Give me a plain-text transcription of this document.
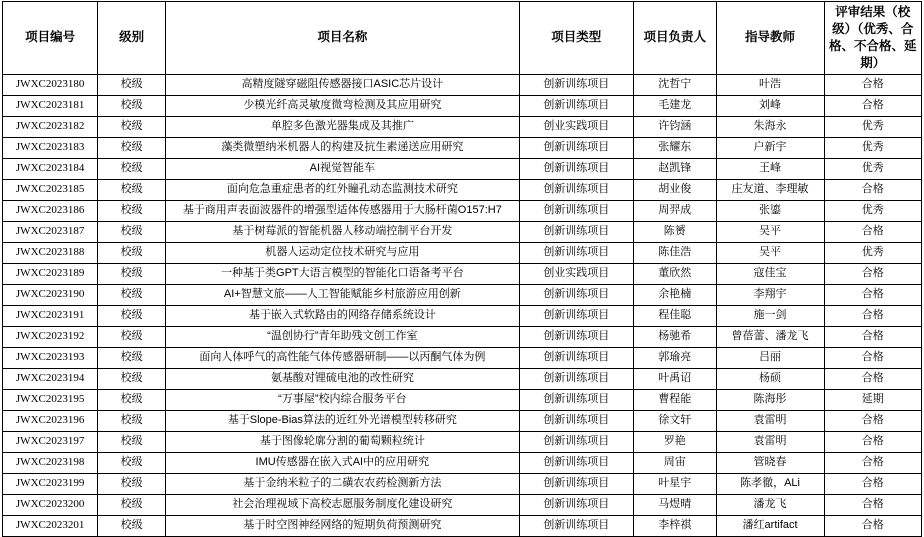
项目编号	级别	项目名称	项目类型	项目负责人	指导教师	评审结果（校级）（优秀、合格、不合格、延期）
JWXC2023180	校级	高精度隧穿磁阻传感器接口ASIC芯片设计	创新训练项目	沈哲宁	叶浩	合格
JWXC2023181	校级	少模光纤高灵敏度微弯检测及其应用研究	创新训练项目	毛建龙	刘峰	合格
JWXC2023182	校级	单腔多色激光器集成及其推广	创业实践项目	许钧涵	朱海永	优秀
JWXC2023183	校级	藻类微塑纳米机器人的构建及抗生素递送应用研究	创新训练项目	张耀东	户新宇	优秀
JWXC2023184	校级	AI视觉智能车	创新训练项目	赵凯锋	王峰	优秀
JWXC2023185	校级	面向危急重症患者的红外瞳孔动态监测技术研究	创新训练项目	胡业俊	庄友道、李理敏	合格
JWXC2023186	校级	基于商用声表面波器件的增强型适体传感器用于大肠杆菌O157:H7	创新训练项目	周羿成	张鎏	优秀
JWXC2023187	校级	基于树莓派的智能机器人移动端控制平台开发	创新训练项目	陈赟	吴平	合格
JWXC2023188	校级	机器人运动定位技术研究与应用	创新训练项目	陈佳浩	吴平	优秀
JWXC2023189	校级	一种基于类GPT大语言模型的智能化口语备考平台	创业实践项目	董欣然	寇佳宝	合格
JWXC2023190	校级	AI+智慧文旅——人工智能赋能乡村旅游应用创新	创新训练项目	余艳楠	李翔宇	合格
JWXC2023191	校级	基于嵌入式软路由的网络存储系统设计	创新训练项目	程佳聪	施一剑	合格
JWXC2023192	校级	“温创协行”青年助残文创工作室	创新训练项目	杨驰希	曾蓓蕾、潘龙飞	合格
JWXC2023193	校级	面向人体呼气的高性能气体传感器研制——以丙酮气体为例	创新训练项目	郭瑜亮	吕丽	合格
JWXC2023194	校级	氨基酸对锂硫电池的改性研究	创新训练项目	叶禹诏	杨硕	合格
JWXC2023195	校级	“万事屋”校内综合服务平台	创新训练项目	曹程能	陈海彤	延期
JWXC2023196	校级	基于Slope-Bias算法的近红外光谱模型转移研究	创新训练项目	徐文轩	袁雷明	合格
JWXC2023197	校级	基于图像轮廓分割的葡萄颗粒统计	创新训练项目	罗艳	袁雷明	合格
JWXC2023198	校级	IMU传感器在嵌入式AI中的应用研究	创新训练项目	周宙	管晓春	合格
JWXC2023199	校级	基于金纳米粒子的二磺农农药检测新方法	创新训练项目	叶星宇	陈孝徹，ALi	合格
JWXC2023200	校级	社会治理视域下高校志愿服务制度化建设研究	创新训练项目	马煜晴	潘龙飞	合格
JWXC2023201	校级	基于时空图神经网络的短期负荷预测研究	创新训练项目	李梓祺	潘红artifact	合格
